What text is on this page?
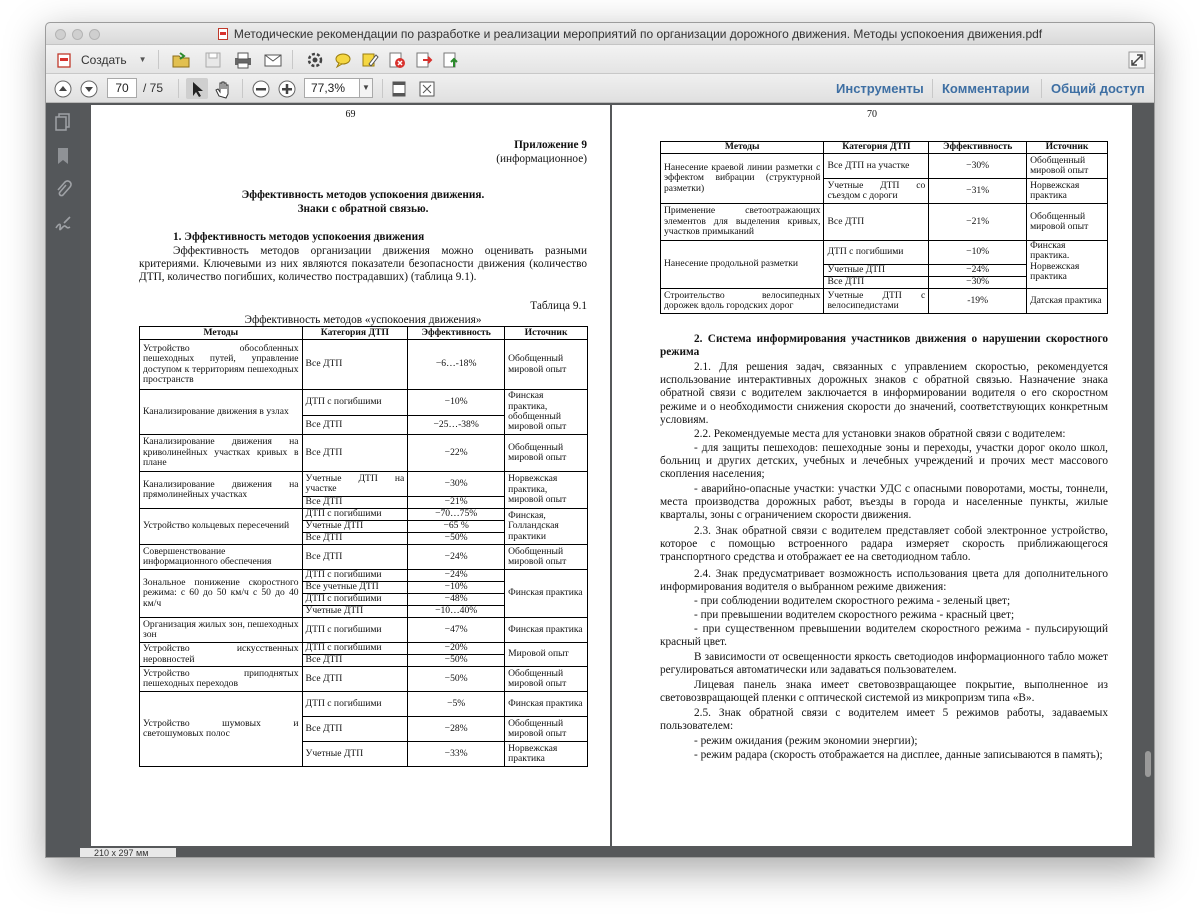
Методические рекомендации по разработке и реализации мероприятий по организации дорожного движения. Методы успокоения движения.pdf
Создать ▼
70	/ 75	77,3%	▼	Инструменты Комментарии Общий доступ
69
Приложение 9
(информационное)
Эффективность методов успокоения движения.
Знаки с обратной связью.
1. Эффективность методов успокоения движения
Эффективность методов организации движения можно оценивать разными критериями. Ключевыми из них являются показатели безопасности движения (количество ДТП, количество погибших, количество пострадавших) (таблица 9.1).
Таблица 9.1
Эффективность методов «успокоения движения»
Методы	Категория ДТП	Эффективность	Источник
Устройство обособленных пешеходных путей, управление доступом к территориям пешеходных пространств	Все ДТП	−6…-18%	Обобщенный мировой опыт
Канализирование движения в узлах	ДТП с погибшими	−10%	Финская практика, обобщенный мировой опыт
	Все ДТП	−25…-38%	
Канализирование движения на криволинейных участках кривых в плане	Все ДТП	−22%	Обобщенный мировой опыт
Канализирование движения на прямолинейных участках	Учетные ДТП на участке	−30%	Норвежская практика, мировой опыт
	Все ДТП	−21%	
Устройство кольцевых пересечений	ДТП с погибшими	−70…75%	Финская, Голландская практики
	Учетные ДТП	−65 %	
	Все ДТП	−50%	
Совершенствование информационного обеспечения	Все ДТП	−24%	Обобщенный мировой опыт
Зональное понижение скоростного режима: с 60 до 50 км/ч с 50 до 40 км/ч	ДТП с погибшими	−24%	Финская практика
	Все учетные ДТП	−10%	
	ДТП с погибшими	−48%	
	Учетные ДТП	−10…40%	
Организация жилых зон, пешеходных зон	ДТП с погибшими	−47%	Финская практика
Устройство искусственных неровностей	ДТП с погибшими	−20%	Мировой опыт
	Все ДТП	−50%	
Устройство приподнятых пешеходных переходов	Все ДТП	−50%	Обобщенный мировой опыт
Устройство шумовых и светошумовых полос	ДТП с погибшими	−5%	Финская практика
	Все ДТП	−28%	Обобщенный мировой опыт
	Учетные ДТП	−33%	Норвежская практика
70
Методы	Категория ДТП	Эффективность	Источник
Нанесение краевой линии разметки с эффектом вибрации (структурной разметки)	Все ДТП на участке	−30%	Обобщенный мировой опыт
	Учетные ДТП со съездом с дороги	−31%	Норвежская практика
Применение светоотражающих элементов для выделения кривых, участков примыканий	Все ДТП	−21%	Обобщенный мировой опыт
Нанесение продольной разметки	ДТП с погибшими	−10%	Финская практика. Норвежская практика
	Учетные ДТП	−24%	
	Все ДТП	−30%	
Строительство велосипедных дорожек вдоль городских дорог	Учетные ДТП с велосипедистами	-19%	Датская практика
2. Система информирования участников движения о нарушении скоростного режима
2.1. Для решения задач, связанных с управлением скоростью, рекомендуется использование интерактивных дорожных знаков с обратной связью. Назначение знака обратной связи с водителем заключается в информировании водителя о его скоростном режиме и о необходимости снижения скорости до значений, соответствующих конкретным условиям.
2.2. Рекомендуемые места для установки знаков обратной связи с водителем:
- для защиты пешеходов: пешеходные зоны и переходы, участки дорог около школ, больниц и других детских, учебных и лечебных учреждений и прочих мест массового скопления населения;
- аварийно-опасные участки: участки УДС с опасными поворотами, мосты, тоннели, места производства дорожных работ, въезды в города и населенные пункты, жилые кварталы, зоны с ограничением скорости движения.
2.3. Знак обратной связи с водителем представляет собой электронное устройство, которое с помощью встроенного радара измеряет скорость приближающегося транспортного средства и отображает ее на светодиодном табло.
2.4. Знак предусматривает возможность использования цвета для дополнительного информирования водителя о выбранном режиме движения:
- при соблюдении водителем скоростного режима - зеленый цвет;
- при превышении водителем скоростного режима - красный цвет;
- при существенном превышении водителем скоростного режима - пульсирующий красный цвет.
В зависимости от освещенности яркость светодиодов информационного табло может регулироваться автоматически или задаваться пользователем.
Лицевая панель знака имеет световозвращающее покрытие, выполненное из световозвращающей пленки с оптической системой из микропризм типа «В».
2.5. Знак обратной связи с водителем имеет 5 режимов работы, задаваемых пользователем:
- режим ожидания (режим экономии энергии);
- режим радара (скорость отображается на дисплее, данные записываются в память);
210 x 297 мм
